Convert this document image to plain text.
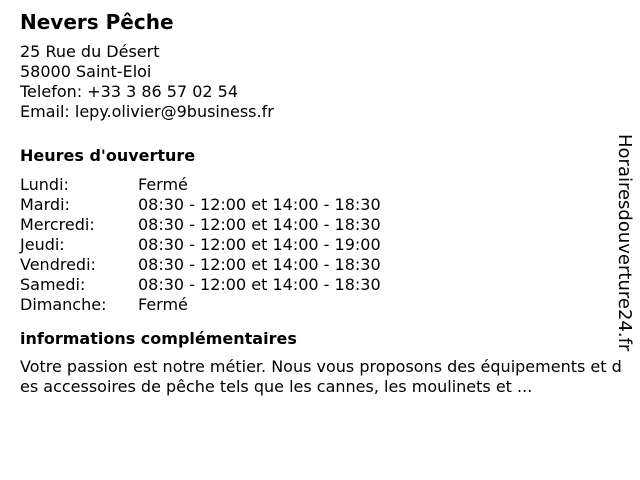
Nevers Pêche
25 Rue du Désert
58000 Saint-Eloi
Telefon: +33 3 86 57 02 54
Email: lepy.olivier@9business.fr
Heures d'ouverture
Lundi:	Fermé
Mardi:	08:30 - 12:00 et 14:00 - 18:30
Mercredi:	08:30 - 12:00 et 14:00 - 18:30
Jeudi:	08:30 - 12:00 et 14:00 - 19:00
Vendredi:	08:30 - 12:00 et 14:00 - 18:30
Samedi:	08:30 - 12:00 et 14:00 - 18:30
Dimanche:	Fermé
informations complémentaires
Votre passion est notre métier. Nous vous proposons des équipements et des accessoires de pêche tels que les cannes, les moulinets et ...
Horairesdouverture24.fr
